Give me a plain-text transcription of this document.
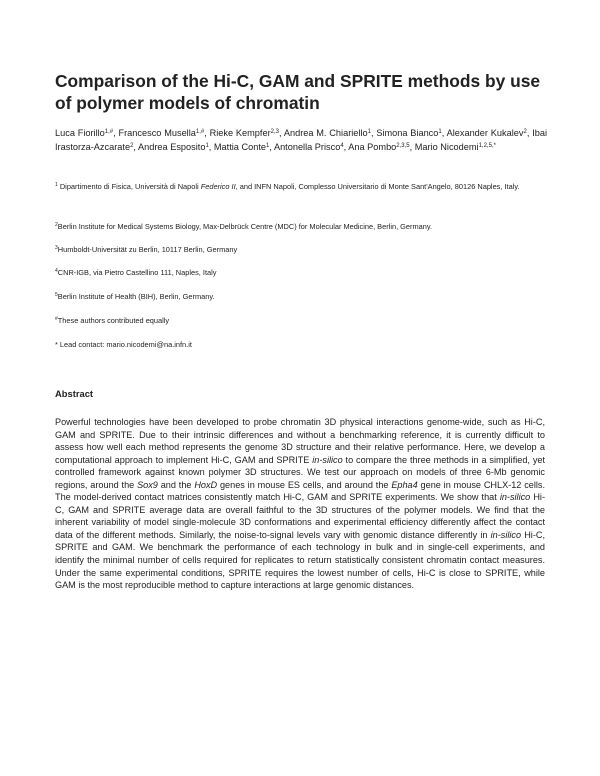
Comparison of the Hi-C, GAM and SPRITE methods by use of polymer models of chromatin
Luca Fiorillo$^{1,\#}$, Francesco Musella$^{1,\#}$, Rieke Kempfer$^{2,3}$, Andrea M. Chiariello$^1$, Simona Bianco$^1$, Alexander Kukalev$^2$, Ibai Irastorza-Azcarate$^2$, Andrea Esposito$^1$, Mattia Conte$^1$, Antonella Prisco$^4$, Ana Pombo$^{2,3,5}$, Mario Nicodemi$^{1,2,5,*}$
$^1$ Dipartimento di Fisica, Università di Napoli Federico II, and INFN Napoli, Complesso Universitario di Monte Sant'Angelo, 80126 Naples, Italy.
$^2$Berlin Institute for Medical Systems Biology, Max-Delbrück Centre (MDC) for Molecular Medicine, Berlin, Germany.
$^3$Humboldt-Universität zu Berlin, 10117 Berlin, Germany
$^4$CNR-IGB, via Pietro Castellino 111, Naples, Italy
$^5$Berlin Institute of Health (BIH), Berlin, Germany.
#These authors contributed equally
* Lead contact: mario.nicodemi@na.infn.it
Abstract

Powerful technologies have been developed to probe chromatin 3D physical interactions genome-wide, such as Hi-C, GAM and SPRITE. Due to their intrinsic differences and without a benchmarking reference, it is currently difficult to assess how well each method represents the genome 3D structure and their relative performance. Here, we develop a computational approach to implement Hi-C, GAM and SPRITE in-silico to compare the three methods in a simplified, yet controlled framework against known polymer 3D structures. We test our approach on models of three 6-Mb genomic regions, around the Sox9 and the HoxD genes in mouse ES cells, and around the Epha4 gene in mouse CHLX-12 cells. The model-derived contact matrices consistently match Hi-C, GAM and SPRITE experiments. We show that in-silico Hi-C, GAM and SPRITE average data are overall faithful to the 3D structures of the polymer models. We find that the inherent variability of model single-molecule 3D conformations and experimental efficiency differently affect the contact data of the different methods. Similarly, the noise-to-signal levels vary with genomic distance differently in in-silico Hi-C, SPRITE and GAM. We benchmark the performance of each technology in bulk and in single-cell experiments, and identify the minimal number of cells required for replicates to return statistically consistent chromatin contact measures. Under the same experimental conditions, SPRITE requires the lowest number of cells, Hi-C is close to SPRITE, while GAM is the most reproducible method to capture interactions at large genomic distances.
